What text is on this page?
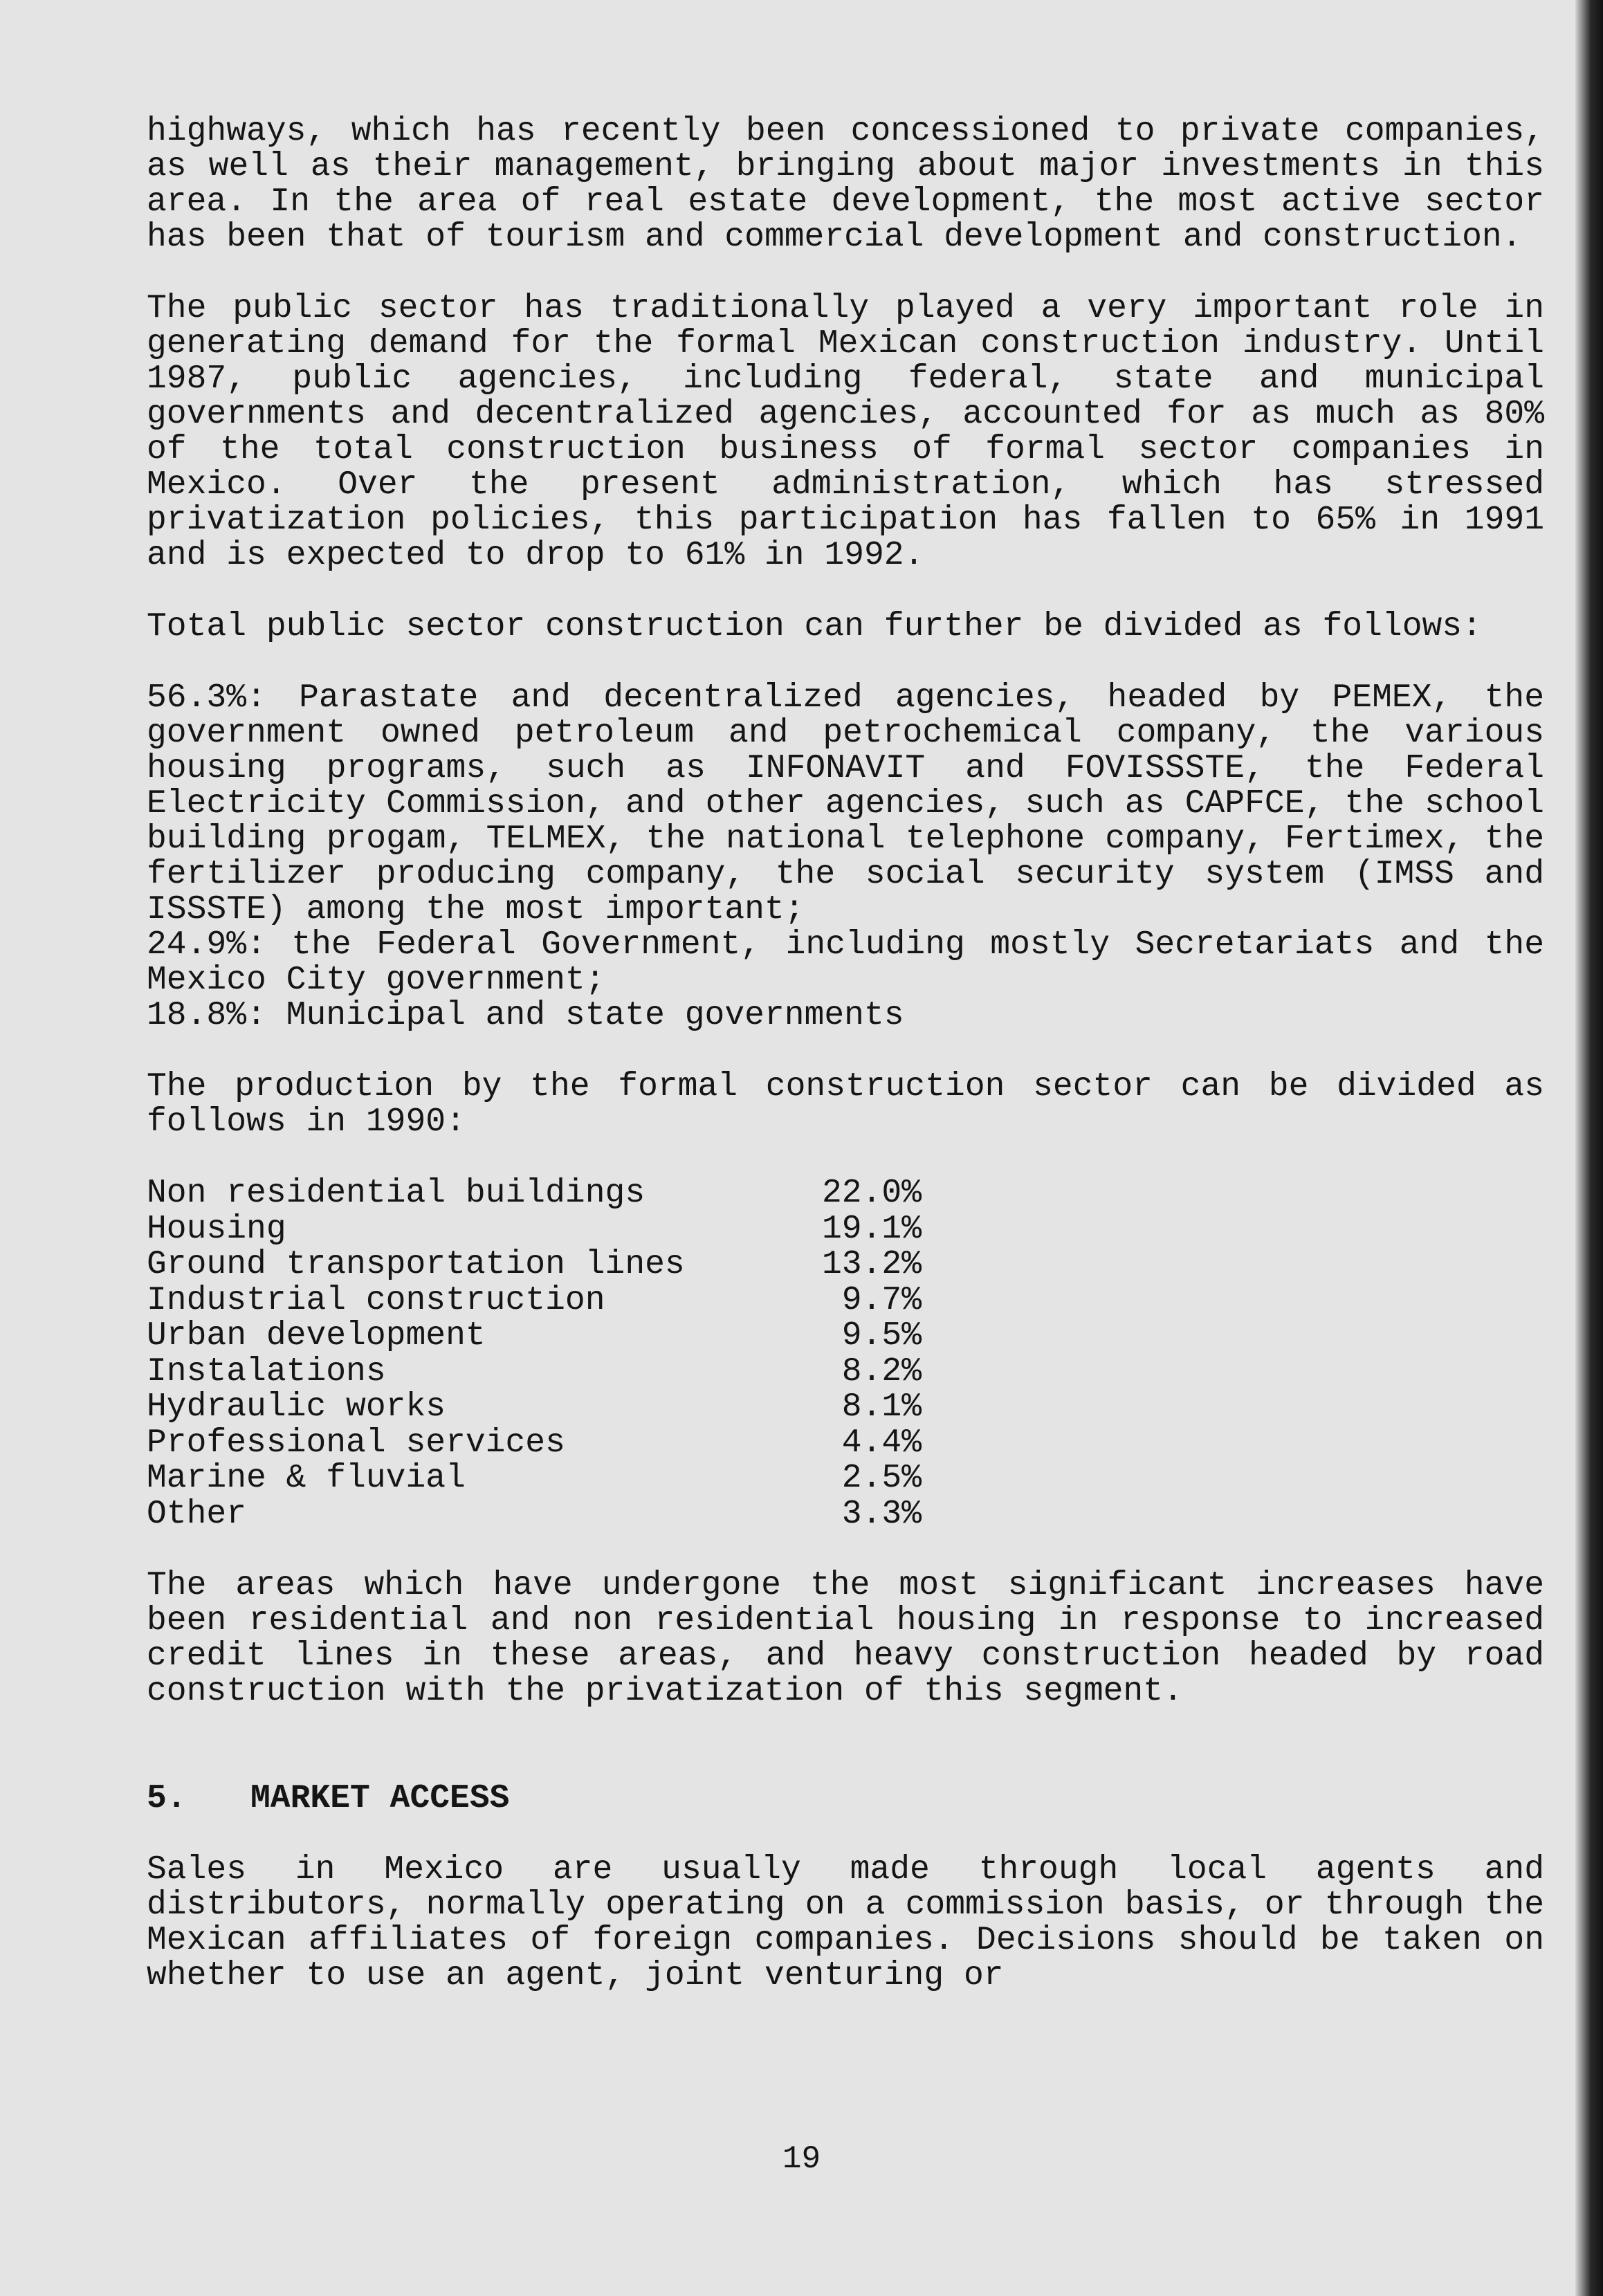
highways, which has recently been concessioned to private companies, as well as their management, bringing about major investments in this area. In the area of real estate development, the most active sector has been that of tourism and commercial development and construction.

The public sector has traditionally played a very important role in generating demand for the formal Mexican construction industry. Until 1987, public agencies, including federal, state and municipal governments and decentralized agencies, accounted for as much as 80% of the total construction business of formal sector companies in Mexico. Over the present administration, which has stressed privatization policies, this participation has fallen to 65% in 1991 and is expected to drop to 61% in 1992.

Total public sector construction can further be divided as follows:

56.3%: Parastate and decentralized agencies, headed by PEMEX, the government owned petroleum and petrochemical company, the various housing programs, such as INFONAVIT and FOVISSSTE, the Federal Electricity Commission, and other agencies, such as CAPFCE, the school building progam, TELMEX, the national telephone company, Fertimex, the fertilizer producing company, the social security system (IMSS and ISSSTE) among the most important;

24.9%: the Federal Government, including mostly Secretariats and the Mexico City government;

18.8%: Municipal and state governments

The production by the formal construction sector can be divided as follows in 1990:

Non residential buildings	22.0%
Housing	19.1%
Ground transportation lines	13.2%
Industrial construction	9.7%
Urban development	9.5%
Instalations	8.2%
Hydraulic works	8.1%
Professional services	4.4%
Marine & fluvial	2.5%
Other	3.3%

The areas which have undergone the most significant increases have been residential and non residential housing in response to increased credit lines in these areas, and heavy construction headed by road construction with the privatization of this segment.

5.	MARKET ACCESS

Sales in Mexico are usually made through local agents and distributors, normally operating on a commission basis, or through the Mexican affiliates of foreign companies. Decisions should be taken on whether to use an agent, joint venturing or

19
